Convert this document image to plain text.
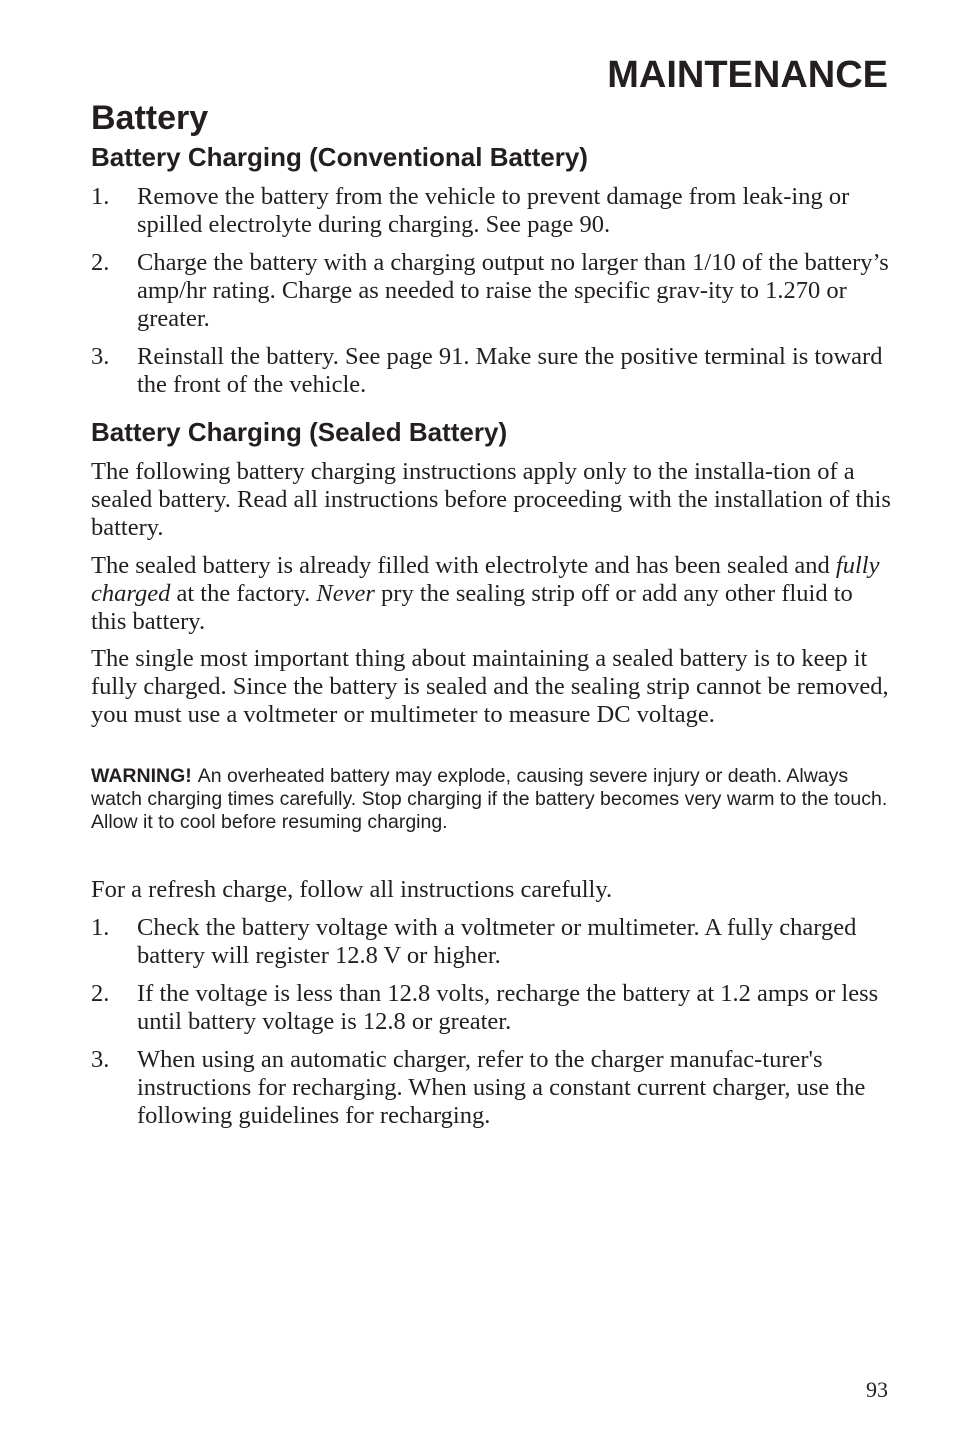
MAINTENANCE
Battery
Battery Charging (Conventional Battery)
1. Remove the battery from the vehicle to prevent damage from leak-ing or spilled electrolyte during charging. See page 90.
2. Charge the battery with a charging output no larger than 1/10 of the battery’s amp/hr rating. Charge as needed to raise the specific grav-ity to 1.270 or greater.
3. Reinstall the battery. See page 91. Make sure the positive terminal is toward the front of the vehicle.
Battery Charging (Sealed Battery)

The following battery charging instructions apply only to the installa-tion of a sealed battery. Read all instructions before proceeding with the installation of this battery.

The sealed battery is already filled with electrolyte and has been sealed and fully charged at the factory. Never pry the sealing strip off or add any other fluid to this battery.

The single most important thing about maintaining a sealed battery is to keep it fully charged. Since the battery is sealed and the sealing strip cannot be removed, you must use a voltmeter or multimeter to measure DC voltage.

WARNING! An overheated battery may explode, causing severe injury or death. Always watch charging times carefully. Stop charging if the battery becomes very warm to the touch. Allow it to cool before resuming charging.

For a refresh charge, follow all instructions carefully.

1. Check the battery voltage with a voltmeter or multimeter. A fully charged battery will register 12.8 V or higher.
2. If the voltage is less than 12.8 volts, recharge the battery at 1.2 amps or less until battery voltage is 12.8 or greater.
3. When using an automatic charger, refer to the charger manufac-turer's instructions for recharging. When using a constant current charger, use the following guidelines for recharging.

93
